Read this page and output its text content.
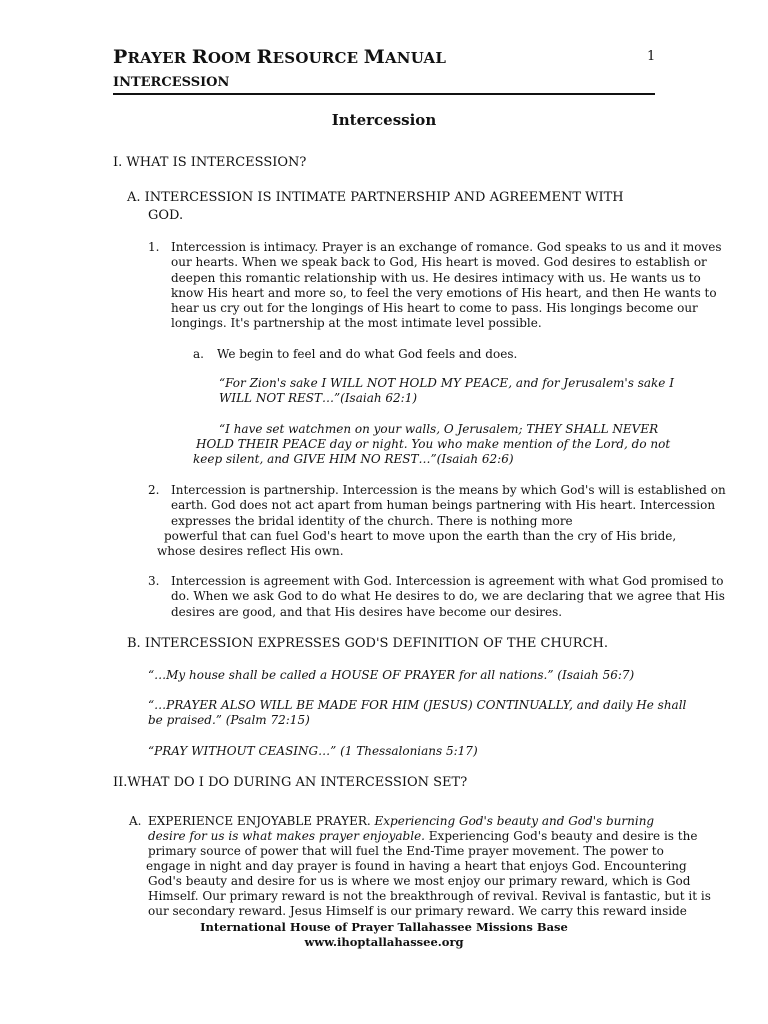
PRAYER ROOM RESOURCE MANUAL
INTERCESSION
1
Intercession
I. WHAT IS INTERCESSION?
A. INTERCESSION IS INTIMATE PARTNERSHIP AND AGREEMENT WITH
GOD.
1. Intercession is intimacy. Prayer is an exchange of romance. God speaks to us and it moves
our hearts. When we speak back to God, His heart is moved. God desires to establish or
deepen this romantic relationship with us. He desires intimacy with us. He wants us to
know His heart and more so, to feel the very emotions of His heart, and then He wants to
hear us cry out for the longings of His heart to come to pass. His longings become our
longings. It's partnership at the most intimate level possible.
a. We begin to feel and do what God feels and does.
“For Zion's sake I WILL NOT HOLD MY PEACE, and for Jerusalem's sake I
WILL NOT REST…”(Isaiah 62:1)
“I have set watchmen on your walls, O Jerusalem; THEY SHALL NEVER
HOLD THEIR PEACE day or night. You who make mention of the Lord, do not
keep silent, and GIVE HIM NO REST…”(Isaiah 62:6)
2. Intercession is partnership. Intercession is the means by which God's will is established on
earth. God does not act apart from human beings partnering with His heart. Intercession
expresses the bridal identity of the church. There is nothing more
powerful that can fuel God's heart to move upon the earth than the cry of His bride,
whose desires reflect His own.
3. Intercession is agreement with God. Intercession is agreement with what God promised to
do. When we ask God to do what He desires to do, we are declaring that we agree that His
desires are good, and that His desires have become our desires.
B. INTERCESSION EXPRESSES GOD'S DEFINITION OF THE CHURCH.
“…My house shall be called a HOUSE OF PRAYER for all nations.” (Isaiah 56:7)
“…PRAYER ALSO WILL BE MADE FOR HIM (JESUS) CONTINUALLY, and daily He shall
be praised.” (Psalm 72:15)
“PRAY WITHOUT CEASING…” (1 Thessalonians 5:17)
II.WHAT DO I DO DURING AN INTERCESSION SET?
A. EXPERIENCE ENJOYABLE PRAYER. Experiencing God's beauty and God's burning
desire for us is what makes prayer enjoyable. Experiencing God's beauty and desire is the
primary source of power that will fuel the End-Time prayer movement. The power to
engage in night and day prayer is found in having a heart that enjoys God. Encountering
God's beauty and desire for us is where we most enjoy our primary reward, which is God
Himself. Our primary reward is not the breakthrough of revival. Revival is fantastic, but it is
our secondary reward. Jesus Himself is our primary reward. We carry this reward inside
International House of Prayer Tallahassee Missions Base
www.ihoptallahassee.org
